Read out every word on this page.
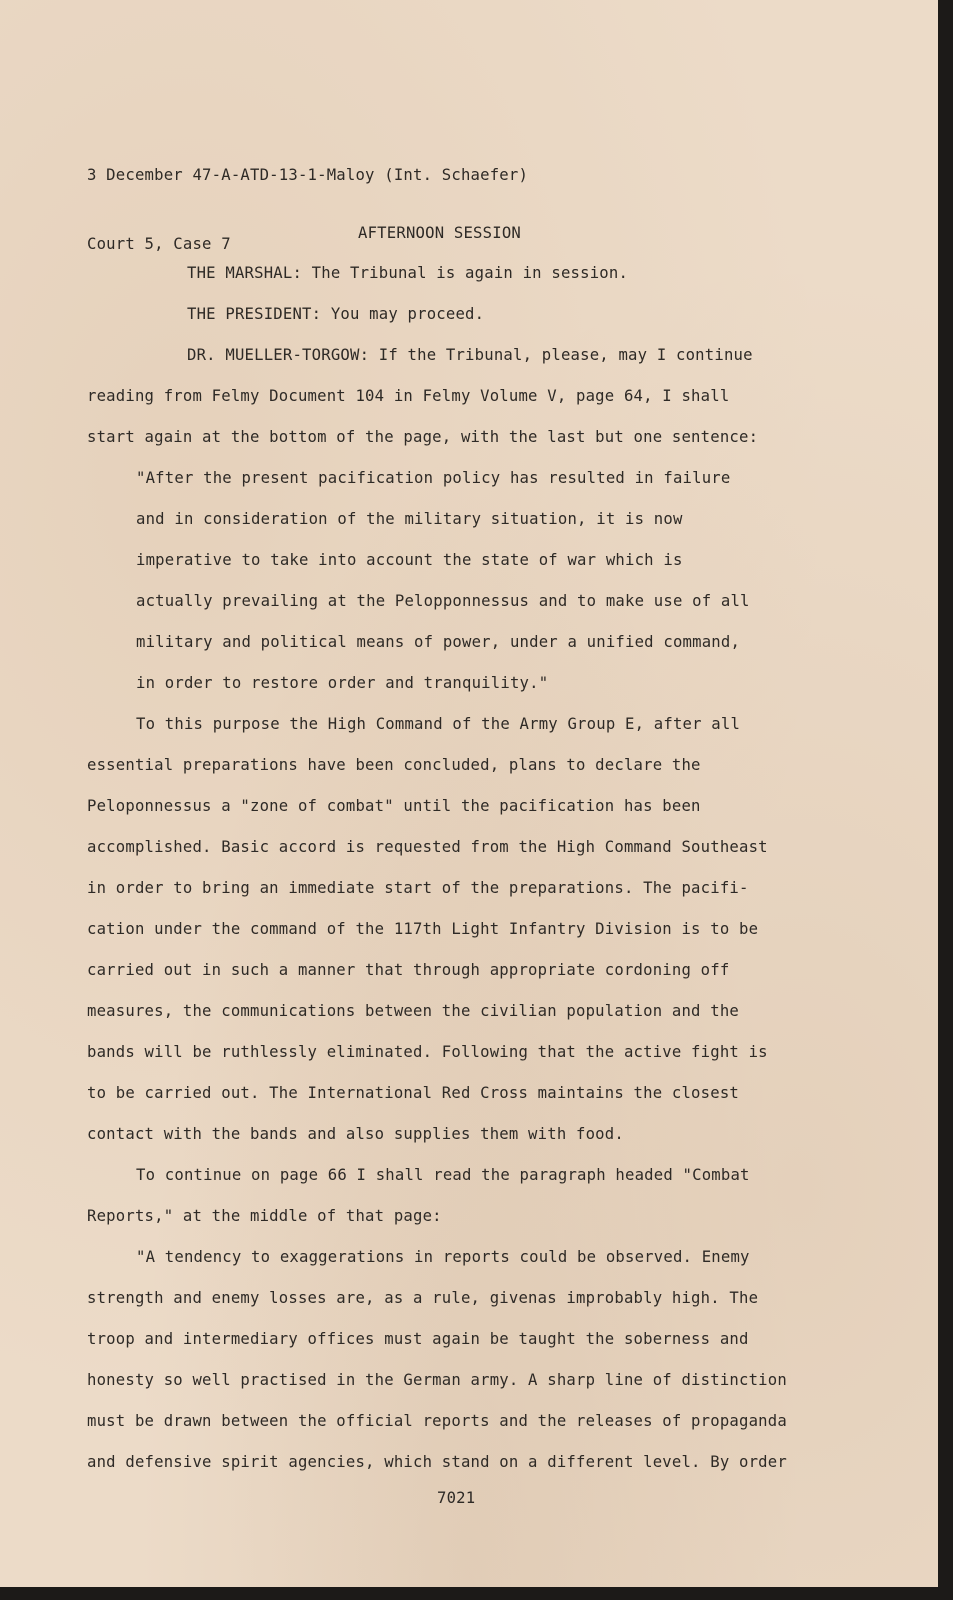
3 December 47-A-ATD-13-1-Maloy (Int. Schaefer)

Court 5, Case 7

AFTERNOON SESSION
THE MARSHAL: The Tribunal is again in session.
THE PRESIDENT: You may proceed.
DR. MUELLER-TORGOW: If the Tribunal, please, may I continue
reading from Felmy Document 104 in Felmy Volume V, page 64, I shall
start again at the bottom of the page, with the last but one sentence:
"After the present pacification policy has resulted in failure
and in consideration of the military situation, it is now
imperative to take into account the state of war which is
actually prevailing at the Pelopponnessus and to make use of all
military and political means of power, under a unified command,
in order to restore order and tranquility."
To this purpose the High Command of the Army Group E, after all
essential preparations have been concluded, plans to declare the
Peloponnessus a "zone of combat" until the pacification has been
accomplished. Basic accord is requested from the High Command Southeast
in order to bring an immediate start of the preparations. The pacifi-
cation under the command of the 117th Light Infantry Division is to be
carried out in such a manner that through appropriate cordoning off
measures, the communications between the civilian population and the
bands will be ruthlessly eliminated. Following that the active fight is
to be carried out. The International Red Cross maintains the closest
contact with the bands and also supplies them with food.
To continue on page 66 I shall read the paragraph headed "Combat
Reports," at the middle of that page:
"A tendency to exaggerations in reports could be observed. Enemy
strength and enemy losses are, as a rule, givenas improbably high. The
troop and intermediary offices must again be taught the soberness and
honesty so well practised in the German army. A sharp line of distinction
must be drawn between the official reports and the releases of propaganda
and defensive spirit agencies, which stand on a different level. By order
7021
